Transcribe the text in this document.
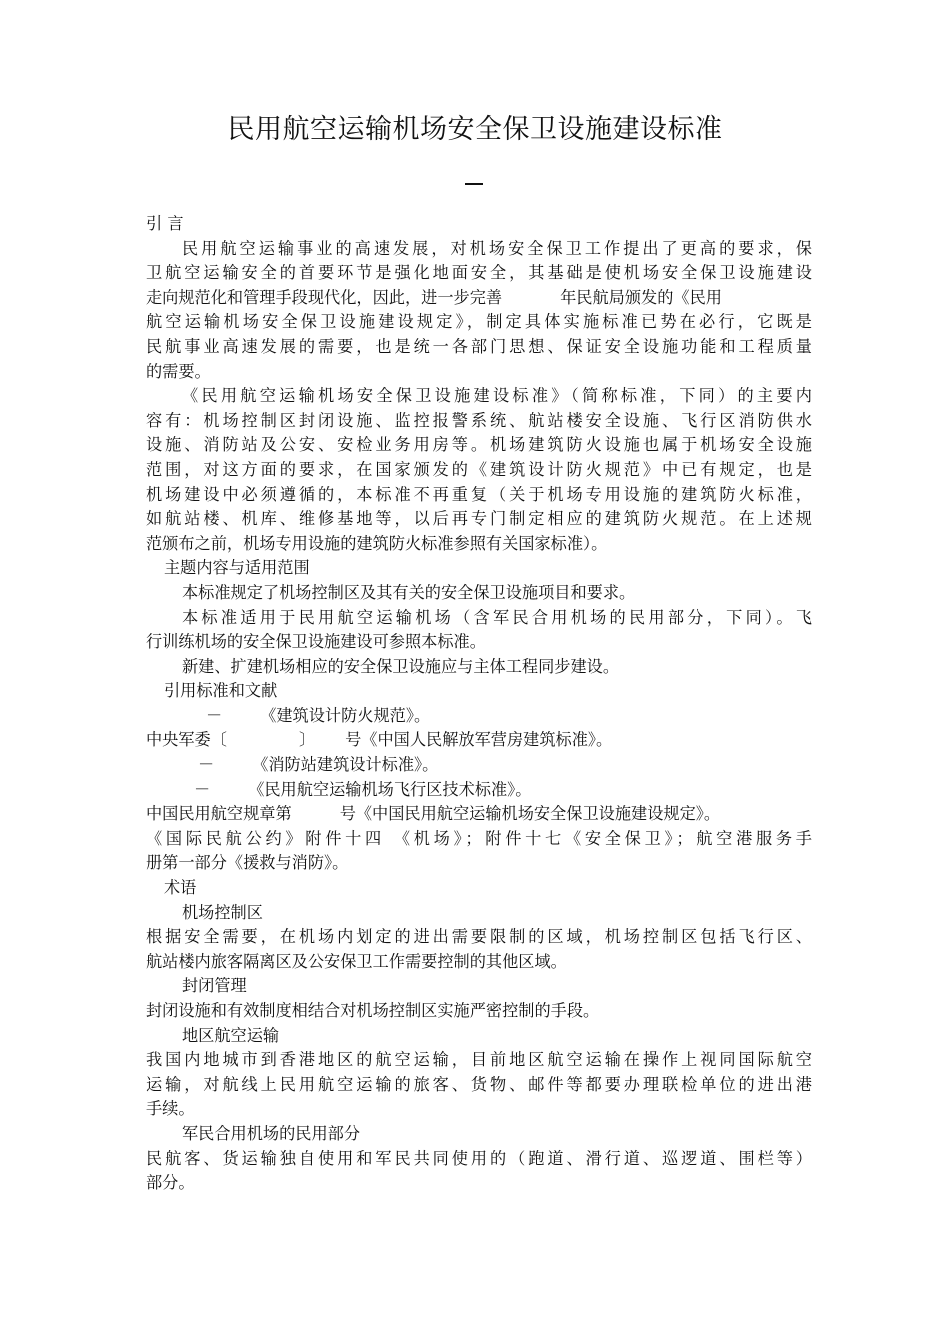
民用航空运输机场安全保卫设施建设标准
引 言
民用航空运输事业的高速发展，对机场安全保卫工作提出了更高的要求，保
卫航空运输安全的首要环节是强化地面安全，其基础是使机场安全保卫设施建设
走向规范化和管理手段现代化，因此，进一步完善	年民航局颁发的《民用
航空运输机场安全保卫设施建设规定》，制定具体实施标准已势在必行，它既是
民航事业高速发展的需要，也是统一各部门思想、保证安全设施功能和工程质量
的需要。
《民用航空运输机场安全保卫设施建设标准》（简称标准，下同）的主要内
容有：机场控制区封闭设施、监控报警系统、航站楼安全设施、飞行区消防供水
设施、消防站及公安、安检业务用房等。机场建筑防火设施也属于机场安全设施
范围，对这方面的要求，在国家颁发的《建筑设计防火规范》中已有规定，也是
机场建设中必须遵循的，本标准不再重复（关于机场专用设施的建筑防火标准，
如航站楼、机库、维修基地等，以后再专门制定相应的建筑防火规范。在上述规
范颁布之前，机场专用设施的建筑防火标准参照有关国家标准）。
主题内容与适用范围
本标准规定了机场控制区及其有关的安全保卫设施项目和要求。
本标准适用于民用航空运输机场（含军民合用机场的民用部分，下同）。飞
行训练机场的安全保卫设施建设可参照本标准。
新建、扩建机场相应的安全保卫设施应与主体工程同步建设。
引用标准和文献
－ 《建筑设计防火规范》。
中央军委〔	〕 号《中国人民解放军营房建筑标准》。
－ 《消防站建筑设计标准》。
－ 《民用航空运输机场飞行区技术标准》。
中国民用航空规章第	号《中国民用航空运输机场安全保卫设施建设规定》。
《国际民航公约》附件十四 《机场》；附件十七《安全保卫》；航空港服务手
册第一部分《援救与消防》。
术语
机场控制区
根据安全需要，在机场内划定的进出需要限制的区域，机场控制区包括飞行区、
航站楼内旅客隔离区及公安保卫工作需要控制的其他区域。
封闭管理
封闭设施和有效制度相结合对机场控制区实施严密控制的手段。
地区航空运输
我国内地城市到香港地区的航空运输，目前地区航空运输在操作上视同国际航空
运输，对航线上民用航空运输的旅客、货物、邮件等都要办理联检单位的进出港
手续。
军民合用机场的民用部分
民航客、货运输独自使用和军民共同使用的（跑道、滑行道、巡逻道、围栏等）
部分。
